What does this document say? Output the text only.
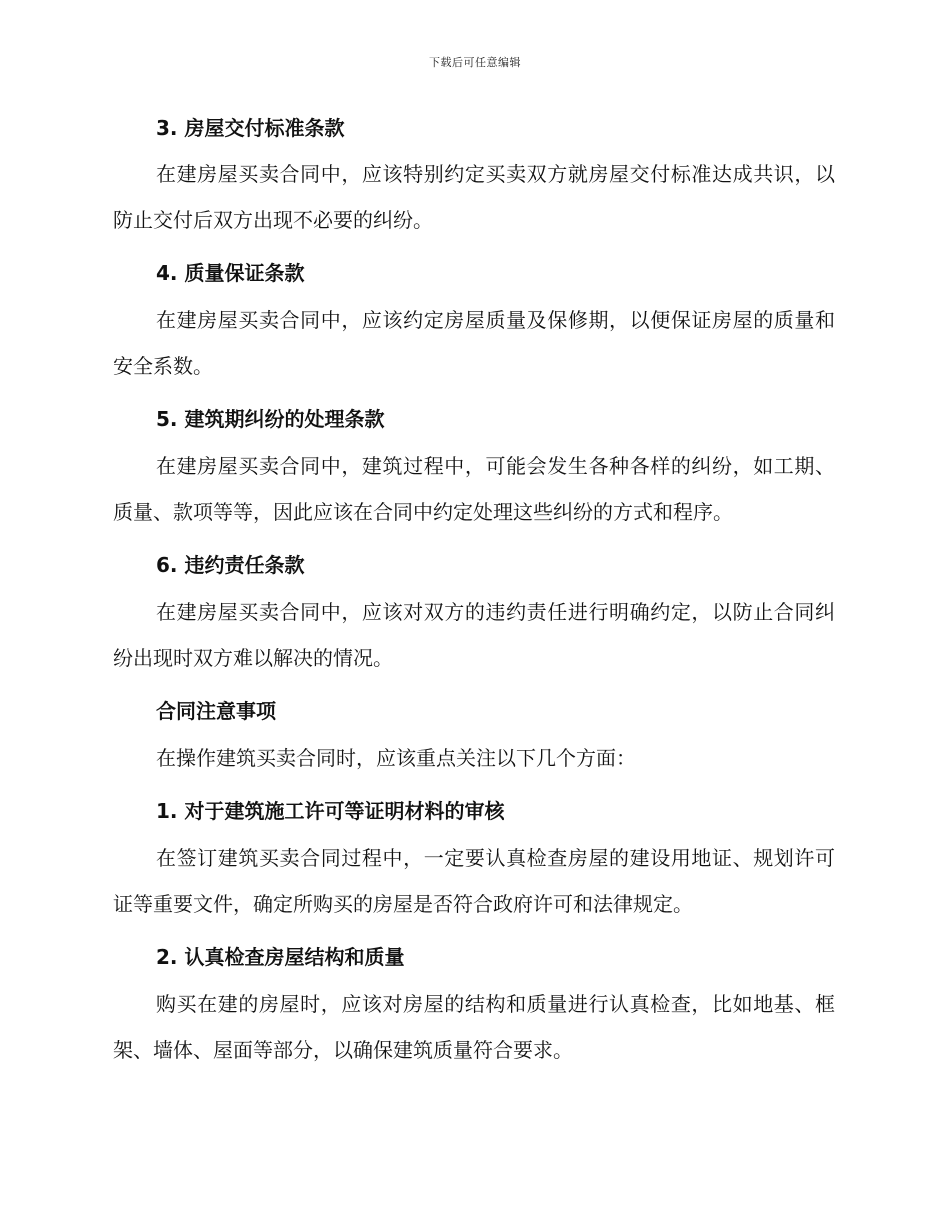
下载后可任意编辑

3. 房屋交付标准条款

在建房屋买卖合同中，应该特别约定买卖双方就房屋交付标准达成共识，以防止交付后双方出现不必要的纠纷。

4. 质量保证条款

在建房屋买卖合同中，应该约定房屋质量及保修期，以便保证房屋的质量和安全系数。

5. 建筑期纠纷的处理条款

在建房屋买卖合同中，建筑过程中，可能会发生各种各样的纠纷，如工期、质量、款项等等，因此应该在合同中约定处理这些纠纷的方式和程序。

6. 违约责任条款

在建房屋买卖合同中，应该对双方的违约责任进行明确约定，以防止合同纠纷出现时双方难以解决的情况。

合同注意事项

在操作建筑买卖合同时，应该重点关注以下几个方面：

1. 对于建筑施工许可等证明材料的审核

在签订建筑买卖合同过程中，一定要认真检查房屋的建设用地证、规划许可证等重要文件，确定所购买的房屋是否符合政府许可和法律规定。

2. 认真检查房屋结构和质量

购买在建的房屋时，应该对房屋的结构和质量进行认真检查，比如地基、框架、墙体、屋面等部分，以确保建筑质量符合要求。
